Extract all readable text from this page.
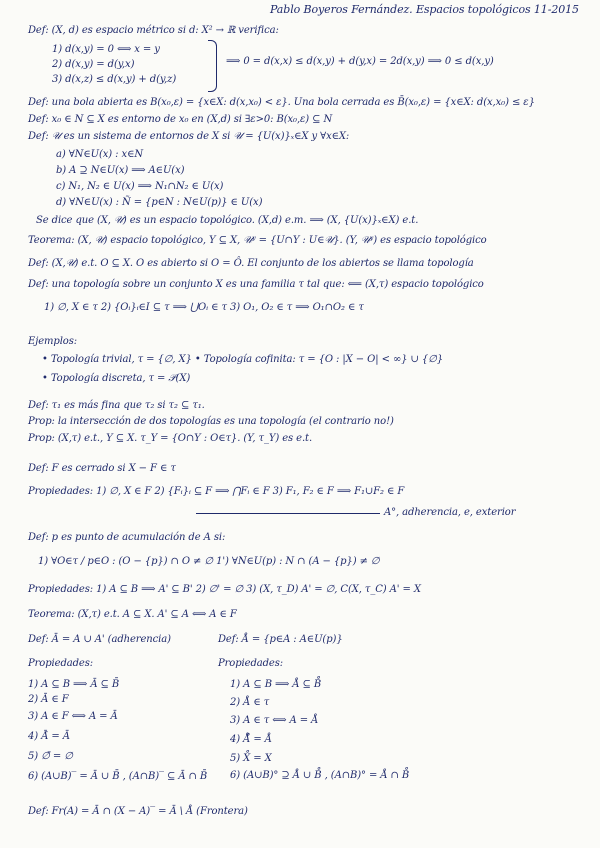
Pablo Boyeros Fernández. Espacios topológicos 11-2015
Def: (X, d) es espacio métrico si d: X² → ℝ verifica:
1) d(x,y) = 0 ⟺ x = y
2) d(x,y) = d(y,x)
3) d(x,z) ≤ d(x,y) + d(y,z)
⟹ 0 = d(x,x) ≤ d(x,y) + d(y,x) = 2d(x,y) ⟹ 0 ≤ d(x,y)
Def: una bola abierta es B(x₀,ε) = {x∈X: d(x,x₀) < ε}. Una bola cerrada es B̄(x₀,ε) = {x∈X: d(x,x₀) ≤ ε}
Def: x₀ ∈ N ⊆ X es entorno de x₀ en (X,d) si ∃ε>0: B(x₀,ε) ⊆ N
Def: 𝒰 es un sistema de entornos de X si 𝒰 = {U(x)}ₓ∈X y ∀x∈X:
a) ∀N∈U(x) : x∈N
b) A ⊇ N∈U(x) ⟹ A∈U(x)
c) N₁, N₂ ∈ U(x) ⟹ N₁∩N₂ ∈ U(x)
d) ∀N∈U(x) : Ñ = {p∈N : N∈U(p)} ∈ U(x)
Se dice que (X, 𝒰) es un espacio topológico. (X,d) e.m. ⟹ (X, {U(x)}ₓ∈X) e.t.
Teorema: (X, 𝒰) espacio topológico, Y ⊆ X, 𝒰ʸ = {U∩Y : U∈𝒰}. (Y, 𝒰ʸ) es espacio topológico
Def: (X,𝒰) e.t. O ⊆ X. O es abierto si O = Ô. El conjunto de los abiertos se llama topología
Def: una topología sobre un conjunto X es una familia τ tal que: ⟸ (X,τ) espacio topológico
1) ∅, X ∈ τ 2) {Oᵢ}ᵢ∈I ⊆ τ ⟹ ⋃Oᵢ ∈ τ 3) O₁, O₂ ∈ τ ⟹ O₁∩O₂ ∈ τ
Ejemplos:
• Topología trivial, τ = {∅, X} • Topología cofinita: τ = {O : |X − O| < ∞} ∪ {∅}
• Topología discreta, τ = 𝒫(X)
Def: τ₁ es más fina que τ₂ si τ₂ ⊆ τ₁.
Prop: la intersección de dos topologías es una topología (el contrario no!)
Prop: (X,τ) e.t., Y ⊆ X. τ_Y = {O∩Y : O∈τ}. (Y, τ_Y) es e.t.
Def: F es cerrado si X − F ∈ τ
Propiedades: 1) ∅, X ∈ F 2) {Fᵢ}ᵢ ⊆ F ⟹ ⋂Fᵢ ∈ F 3) F₁, F₂ ∈ F ⟹ F₁∪F₂ ∈ F
A°, adherencia, e, exterior
Def: p es punto de acumulación de A si:
1) ∀O∈τ / p∈O : (O − {p}) ∩ O ≠ ∅ 1') ∀N∈U(p) : N ∩ (A − {p}) ≠ ∅
Propiedades: 1) A ⊆ B ⟹ A' ⊆ B' 2) ∅' = ∅ 3) (X, τ_D) A' = ∅, C(X, τ_C) A' = X
Teorema: (X,τ) e.t. A ⊆ X. A' ⊆ A ⟺ A ∈ F
Def: Ā = A ∪ A' (adherencia)	Def: Å = {p∈A : A∈U(p)}
Propiedades:	Propiedades:
1) A ⊆ B ⟹ Ā ⊆ B̄
2) Ā ∈ F
3) A ∈ F ⟺ A = Ā
4) Ā̄ = Ā
5) ∅̄ = ∅
6) (A∪B)‾ = Ā ∪ B̄ , (A∩B)‾ ⊆ Ā ∩ B̄
1) A ⊆ B ⟹ Å ⊆ B̊
2) Å ∈ τ
3) A ∈ τ ⟺ A = Å
4) Å̊ = Å
5) X̊ = X
6) (A∪B)° ⊇ Å ∪ B̊ , (A∩B)° = Å ∩ B̊
Def: Fr(A) = Ā ∩ (X − A)‾ = Ā \ Å (Frontera)
